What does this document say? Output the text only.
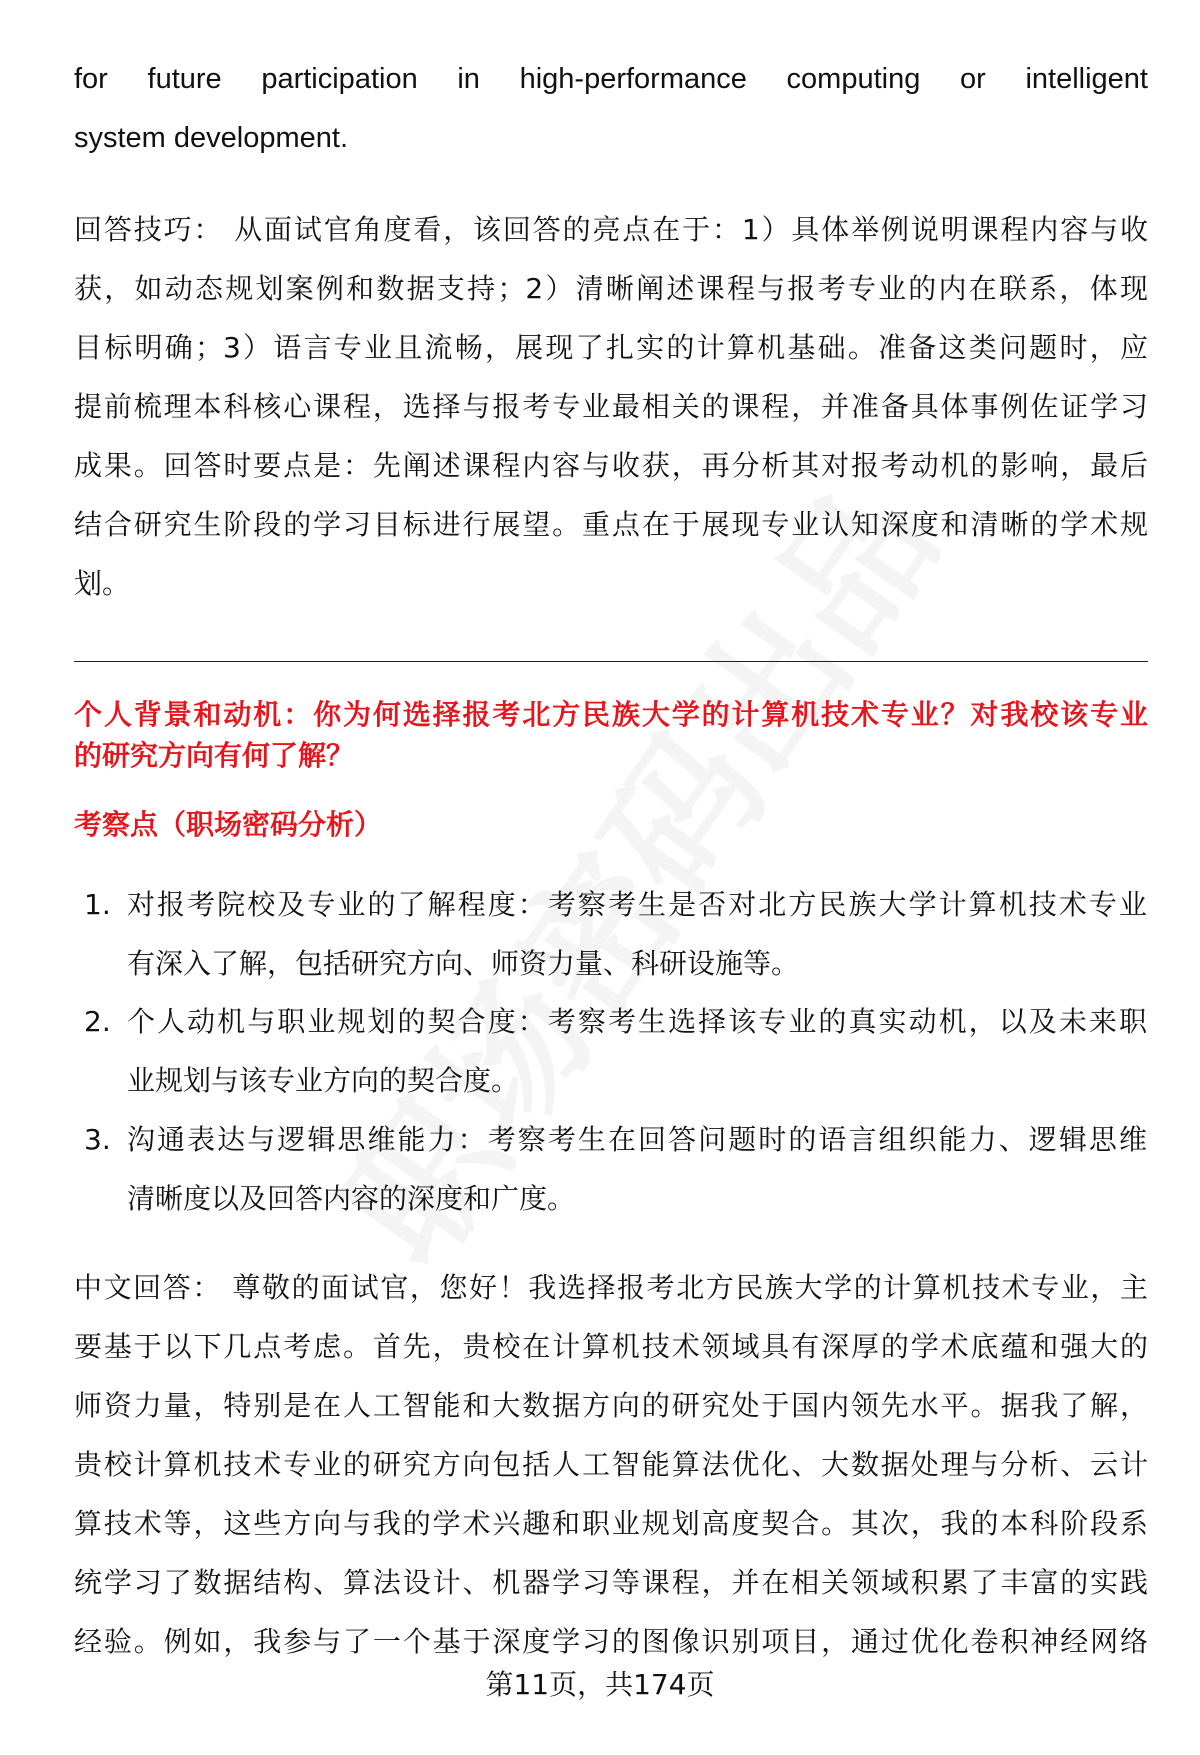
for future participation in high-performance computing or intelligent
system development.
回答技巧： 从面试官角度看，该回答的亮点在于：1）具体举例说明课程内容与收
获，如动态规划案例和数据支持；2）清晰阐述课程与报考专业的内在联系，体现
目标明确；3）语言专业且流畅，展现了扎实的计算机基础。准备这类问题时，应
提前梳理本科核心课程，选择与报考专业最相关的课程，并准备具体事例佐证学习
成果。回答时要点是：先阐述课程内容与收获，再分析其对报考动机的影响，最后
结合研究生阶段的学习目标进行展望。重点在于展现专业认知深度和清晰的学术规
划。
个人背景和动机：你为何选择报考北方民族大学的计算机技术专业？对我校该专业
的研究方向有何了解？
考察点（职场密码分析）
1. 对报考院校及专业的了解程度：考察考生是否对北方民族大学计算机技术专业
有深入了解，包括研究方向、师资力量、科研设施等。
2. 个人动机与职业规划的契合度：考察考生选择该专业的真实动机，以及未来职
业规划与该专业方向的契合度。
3. 沟通表达与逻辑思维能力：考察考生在回答问题时的语言组织能力、逻辑思维
清晰度以及回答内容的深度和广度。
中文回答： 尊敬的面试官，您好！我选择报考北方民族大学的计算机技术专业，主
要基于以下几点考虑。首先，贵校在计算机技术领域具有深厚的学术底蕴和强大的
师资力量，特别是在人工智能和大数据方向的研究处于国内领先水平。据我了解，
贵校计算机技术专业的研究方向包括人工智能算法优化、大数据处理与分析、云计
算技术等，这些方向与我的学术兴趣和职业规划高度契合。其次，我的本科阶段系
统学习了数据结构、算法设计、机器学习等课程，并在相关领域积累了丰富的实践
经验。例如，我参与了一个基于深度学习的图像识别项目，通过优化卷积神经网络
第11页，共174页
